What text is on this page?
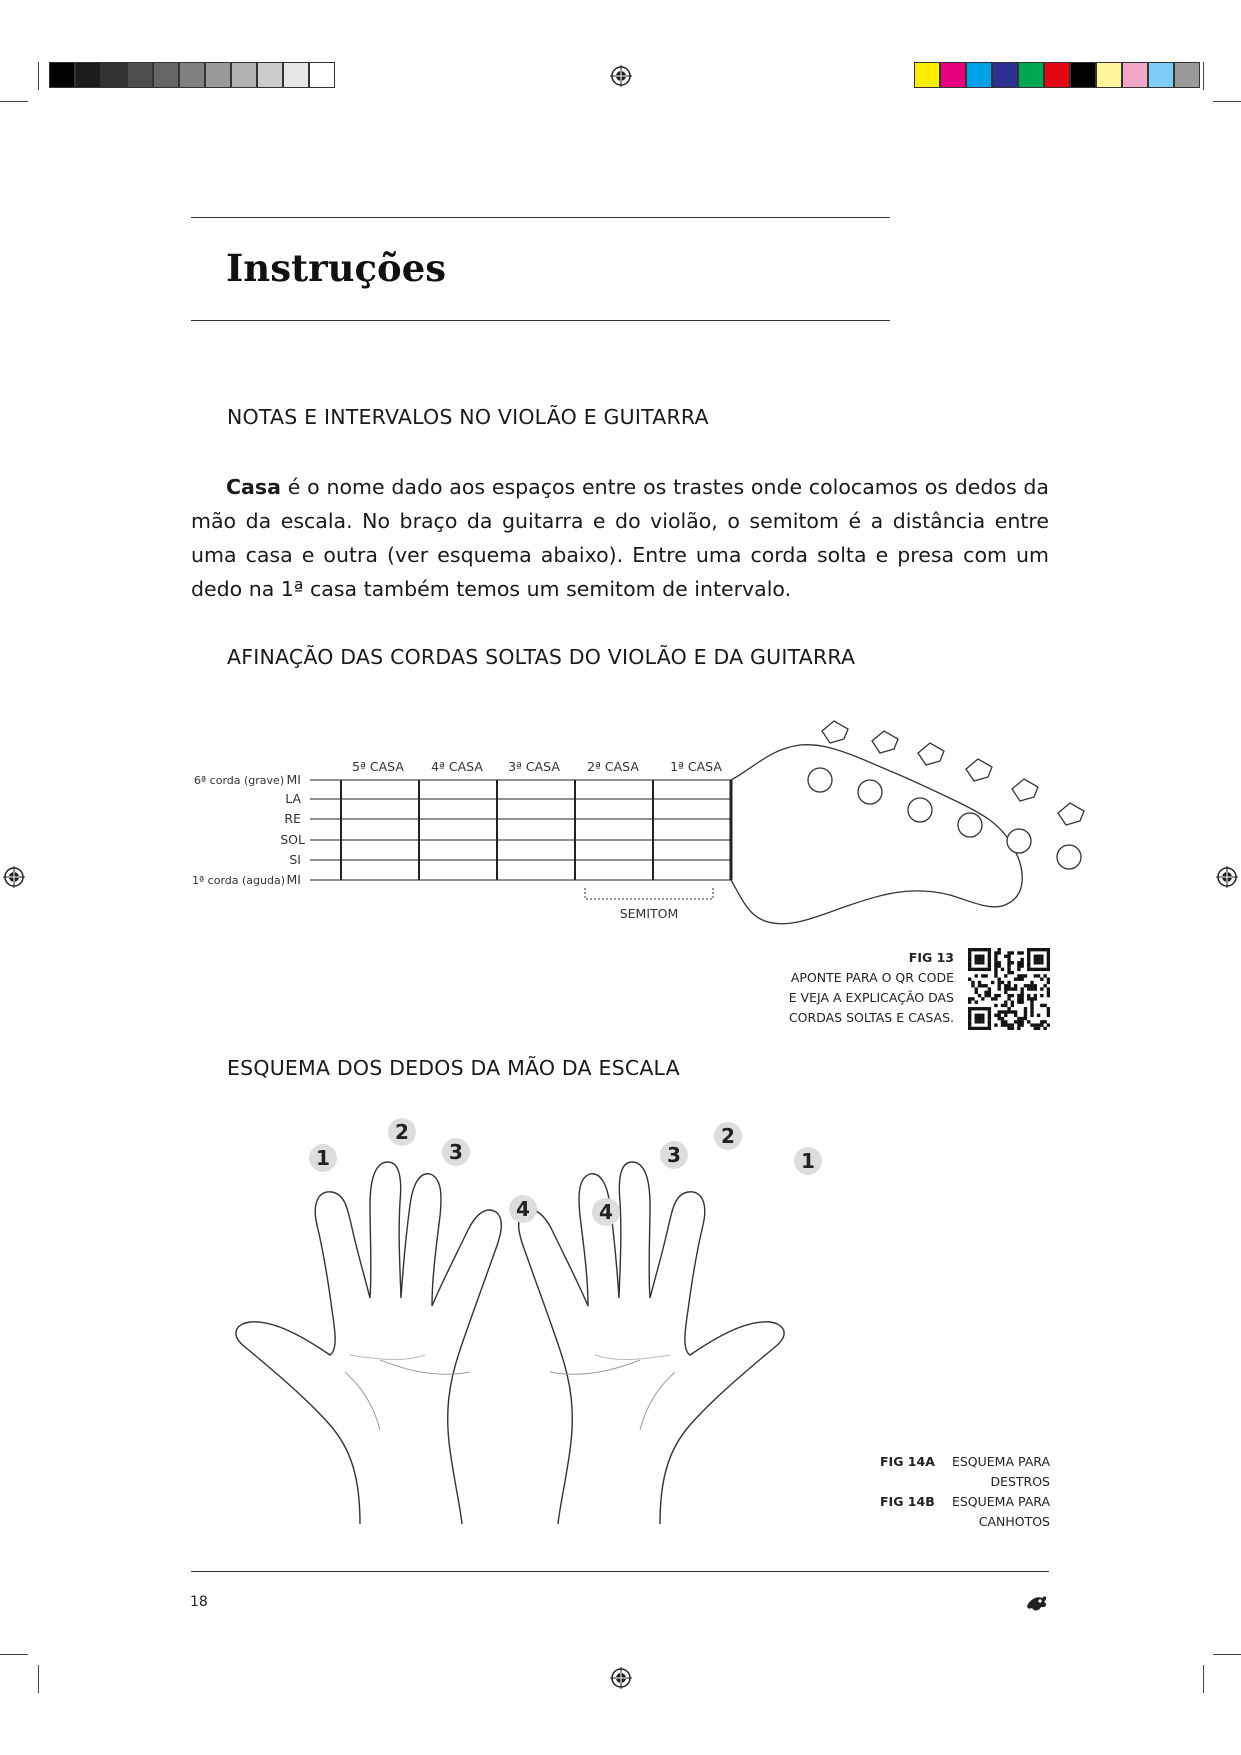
Instruções
NOTAS E INTERVALOS NO VIOLÃO E GUITARRA

Casa é o nome dado aos espaços entre os trastes onde colocamos os dedos da mão da escala. No braço da guitarra e do violão, o semitom é a distância entre uma casa e outra (ver esquema abaixo). Entre uma corda solta e presa com um dedo na 1ª casa também temos um semitom de intervalo.

AFINAÇÃO DAS CORDAS SOLTAS DO VIOLÃO E DA GUITARRA
5ª CASA 4ª CASA 3ª CASA 2ª CASA 1ª CASA
6ª corda (grave)
1ª corda (aguda)
MI
LA
RE
SOL
SI
MI
SEMITOM
FIG 13
APONTE PARA O QR CODE
E VEJA A EXPLICAÇÃO DAS
CORDAS SOLTAS E CASAS.
ESQUEMA DOS DEDOS DA MÃO DA ESCALA
1
2
3
4	4
3
2
1
FIG 14A ESQUEMA PARA
DESTROS
FIG 14B ESQUEMA PARA
CANHOTOS
18
